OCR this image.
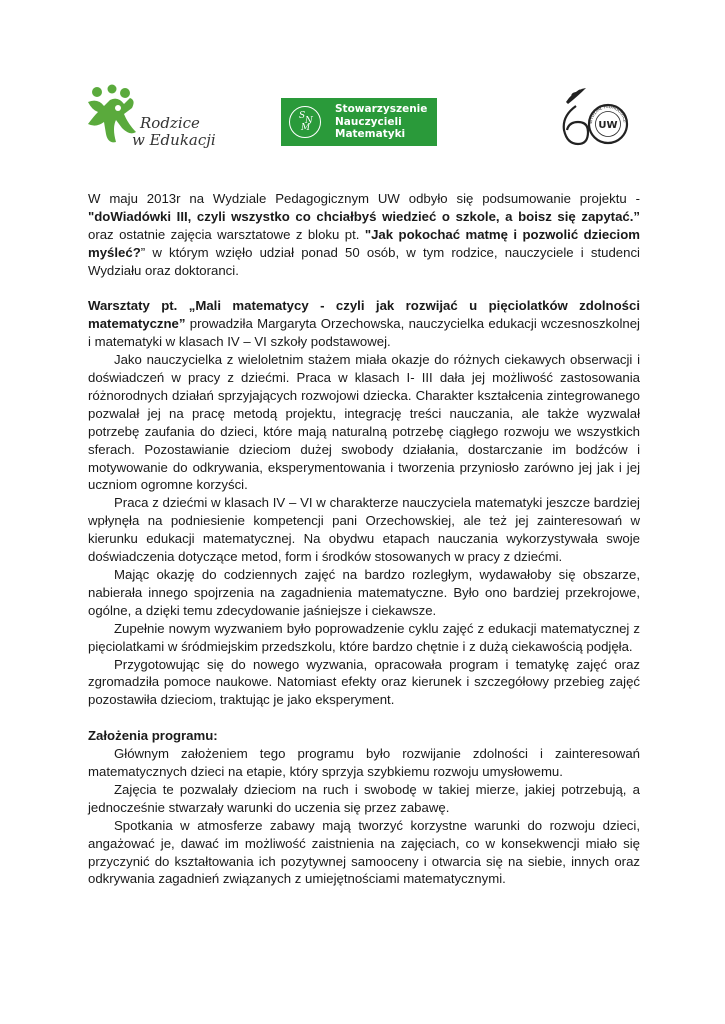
Rodzice
w Edukacji
S N
M
Stowarzyszenie
Nauczycieli
Matematyki
UW
WYDZIAŁ PEDAGOGICZ

W maju 2013r na Wydziale Pedagogicznym UW odbyło się podsumowanie projektu - "doWiadówki III, czyli wszystko co chciałbyś wiedzieć o szkole, a boisz się zapytać.” oraz ostatnie zajęcia warsztatowe z bloku pt. "Jak pokochać matmę i pozwolić dzieciom myśleć?” w którym wzięło udział ponad 50 osób, w tym rodzice, nauczyciele i studenci Wydziału oraz doktoranci.

Warsztaty pt. „Mali matematycy - czyli jak rozwijać u pięciolatków zdolności matematyczne” prowadziła Margaryta Orzechowska, nauczycielka edukacji wczesnoszkolnej i matematyki w klasach IV – VI szkoły podstawowej.

Jako nauczycielka z wieloletnim stażem miała okazje do różnych ciekawych obserwacji i doświadczeń w pracy z dziećmi. Praca w klasach I- III dała jej możliwość zastosowania różnorodnych działań sprzyjających rozwojowi dziecka. Charakter kształcenia zintegrowanego pozwalał jej na pracę metodą projektu, integrację treści nauczania, ale także wyzwalał potrzebę zaufania do dzieci, które mają naturalną potrzebę ciągłego rozwoju we wszystkich sferach. Pozostawianie dzieciom dużej swobody działania, dostarczanie im bodźców i motywowanie do odkrywania, eksperymentowania i tworzenia przyniosło zarówno jej jak i jej uczniom ogromne korzyści.

Praca z dziećmi w klasach IV – VI w charakterze nauczyciela matematyki jeszcze bardziej wpłynęła na podniesienie kompetencji pani Orzechowskiej, ale też jej zainteresowań w kierunku edukacji matematycznej. Na obydwu etapach nauczania wykorzystywała swoje doświadczenia dotyczące metod, form i środków stosowanych w pracy z dziećmi.

Mając okazję do codziennych zajęć na bardzo rozległym, wydawałoby się obszarze, nabierała innego spojrzenia na zagadnienia matematyczne. Było ono bardziej przekrojowe, ogólne, a dzięki temu zdecydowanie jaśniejsze i ciekawsze.

Zupełnie nowym wyzwaniem było poprowadzenie cyklu zajęć z edukacji matematycznej z pięciolatkami w śródmiejskim przedszkolu, które bardzo chętnie i z dużą ciekawością podjęła.

Przygotowując się do nowego wyzwania, opracowała program i tematykę zajęć oraz zgromadziła pomoce naukowe. Natomiast efekty oraz kierunek i szczegółowy przebieg zajęć pozostawiła dzieciom, traktując je jako eksperyment.

Założenia programu:

Głównym założeniem tego programu było rozwijanie zdolności i zainteresowań matematycznych dzieci na etapie, który sprzyja szybkiemu rozwoju umysłowemu.

Zajęcia te pozwalały dzieciom na ruch i swobodę w takiej mierze, jakiej potrzebują, a jednocześnie stwarzały warunki do uczenia się przez zabawę.

Spotkania w atmosferze zabawy mają tworzyć korzystne warunki do rozwoju dzieci, angażować je, dawać im możliwość zaistnienia na zajęciach, co w konsekwencji miało się przyczynić do kształtowania ich pozytywnej samooceny i otwarcia się na siebie, innych oraz odkrywania zagadnień związanych z umiejętnościami matematycznymi.
